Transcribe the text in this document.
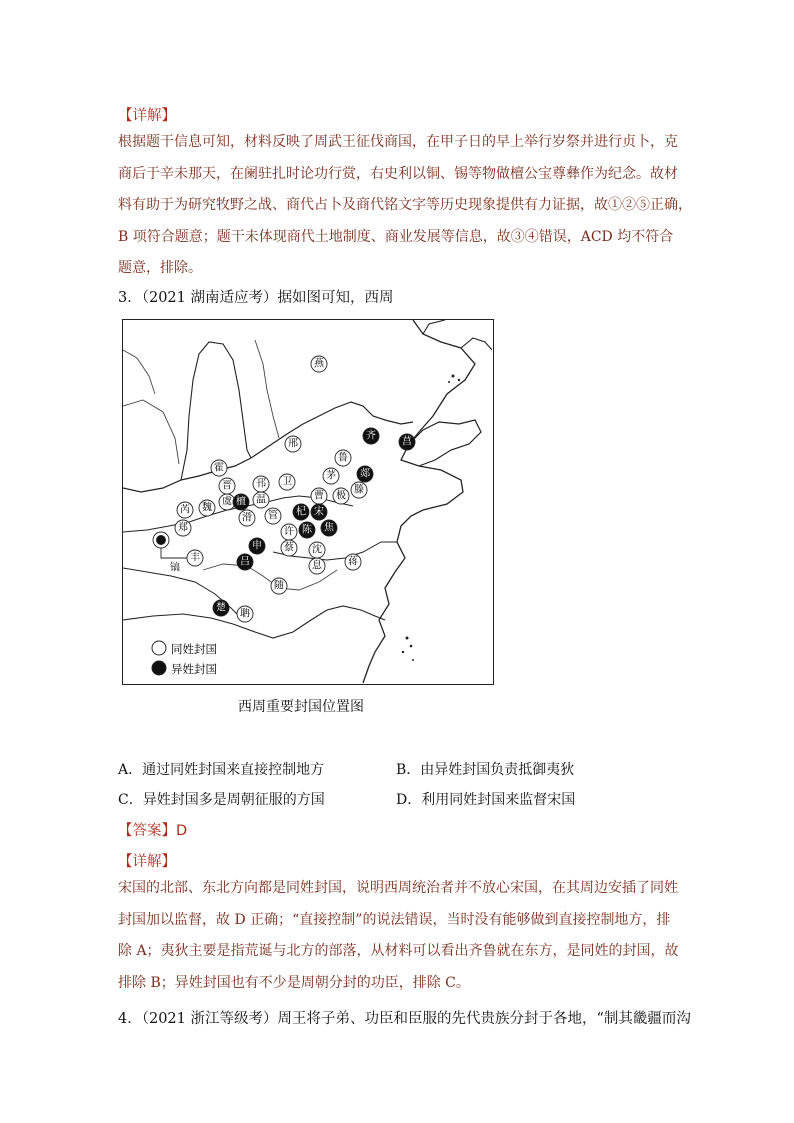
【详解】
根据题干信息可知，材料反映了周武王征伐商国，在甲子日的早上举行岁祭并进行贞卜，克
商后于辛未那天，在阑驻扎时论功行赏，右史利以铜、锡等物做檀公宝尊彝作为纪念。故材
料有助于为研究牧野之战、商代占卜及商代铭文字等历史现象提供有力证据，故①②⑤正确，
B 项符合题意；题干未体现商代土地制度、商业发展等信息，故③④错误，ACD 均不符合
题意，排除。
3．（2021 湖南适应考）据如图可知，西周
燕
邢
霍
晋 邗 卫
芮 魏
虞 温
滑 管
鲁
茅
曹 极
滕
郑	许
蔡 沈
息	蒋
随
丰
聃
镐
齐
莒
郯
檀
杞 宋
陈 焦
申
吕
楚
同姓封国
异姓封国
西周重要封国位置图
A．通过同姓封国来直接控制地方	B．由异姓封国负责抵御夷狄
C．异姓封国多是周朝征服的方国	D．利用同姓封国来监督宋国
【答案】D
【详解】
宋国的北部、东北方向都是同姓封国，说明西周统治者并不放心宋国，在其周边安插了同姓
封国加以监督，故 D 正确；“直接控制”的说法错误，当时没有能够做到直接控制地方，排
除 A；夷狄主要是指荒诞与北方的部落，从材料可以看出齐鲁就在东方，是同姓的封国，故
排除 B；异姓封国也有不少是周朝分封的功臣，排除 C。
4．（2021 浙江等级考）周王将子弟、功臣和臣服的先代贵族分封于各地，“制其畿疆而沟
